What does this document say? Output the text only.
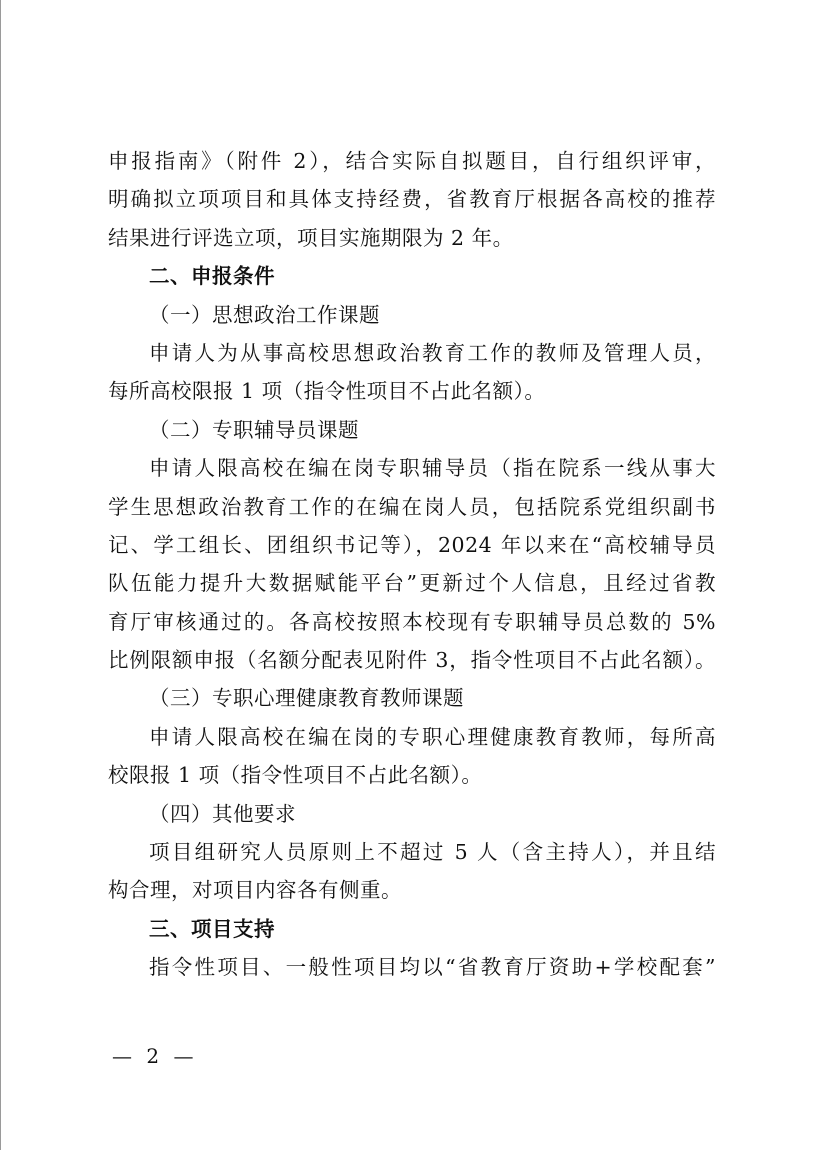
申报指南》（附件 2），结合实际自拟题目，自行组织评审，
明确拟立项项目和具体支持经费，省教育厅根据各高校的推荐
结果进行评选立项，项目实施期限为 2 年。
二、申报条件
（一）思想政治工作课题
申请人为从事高校思想政治教育工作的教师及管理人员，
每所高校限报 1 项（指令性项目不占此名额）。
（二）专职辅导员课题
申请人限高校在编在岗专职辅导员（指在院系一线从事大
学生思想政治教育工作的在编在岗人员，包括院系党组织副书
记、学工组长、团组织书记等），2024 年以来在“高校辅导员
队伍能力提升大数据赋能平台”更新过个人信息，且经过省教
育厅审核通过的。各高校按照本校现有专职辅导员总数的 5%
比例限额申报（名额分配表见附件 3，指令性项目不占此名额）。
（三）专职心理健康教育教师课题
申请人限高校在编在岗的专职心理健康教育教师，每所高
校限报 1 项（指令性项目不占此名额）。
（四）其他要求
项目组研究人员原则上不超过 5 人（含主持人），并且结
构合理，对项目内容各有侧重。
三、项目支持
指令性项目、一般性项目均以“省教育厅资助+学校配套”
— 2 —
